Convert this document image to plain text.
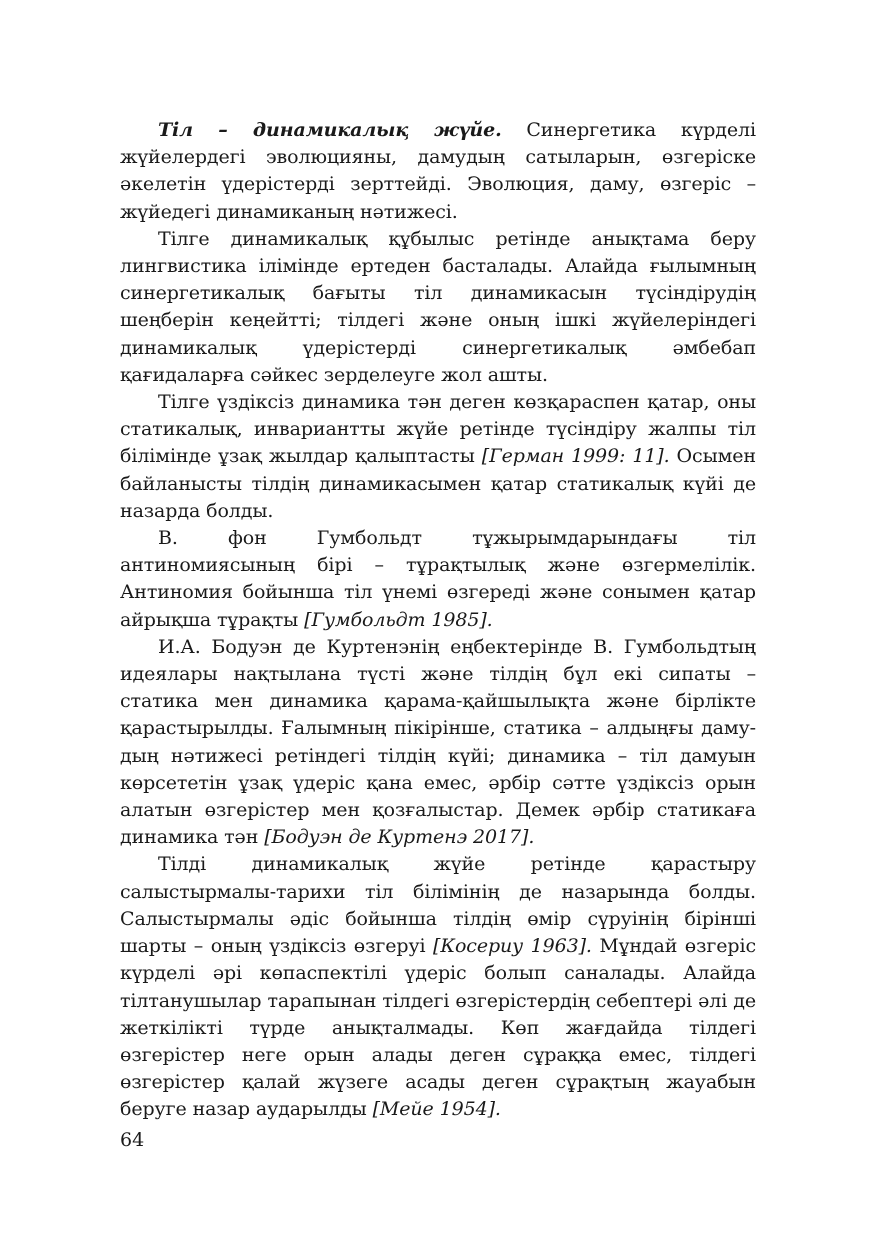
Тіл – динамикалық жүйе. Синергетика күрделі жүйелердегі эволюцияны, дамудың сатыларын, өзгеріске әкелетін үдерістерді зерттейді. Эволюция, даму, өзгеріс – жүйедегі динамиканың нәтижесі.

Тілге динамикалық құбылыс ретінде анықтама беру лингвистика ілімінде ертеден басталады. Алайда ғылымның синергетикалық бағыты тіл динамикасын түсіндірудің шеңберін кеңейтті; тілдегі және оның ішкі жүйелеріндегі динамикалық үдерістерді синергетикалық әмбебап қағидаларға сәйкес зерделеуге жол ашты.

Тілге үздіксіз динамика тән деген көзқараспен қатар, оны статикалық, инвариантты жүйе ретінде түсіндіру жалпы тіл білімінде ұзақ жылдар қалыптасты [Герман 1999: 11]. Осымен байланысты тілдің динамикасымен қатар статикалық күйі де назарда болды.

В. фон Гумбольдт тұжырымдарындағы тіл антиномиясының бірі – тұрақтылық және өзгермелілік. Антиномия бойынша тіл үнемі өзгереді және сонымен қатар айрықша тұрақты [Гумбольдт 1985].

И.А. Бодуэн де Куртенэнің еңбектерінде В. Гумбольдтың идеялары нақтылана түсті және тілдің бұл екі сипаты – статика мен динамика қарама-қайшылықта және бірлікте қарастырылды. Ғалымның пікірінше, статика – алдыңғы даму-дың нәтижесі ретіндегі тілдің күйі; динамика – тіл дамуын көрсететін ұзақ үдеріс қана емес, әрбір сәтте үздіксіз орын алатын өзгерістер мен қозғалыстар. Демек әрбір статикаға динамика тән [Бодуэн де Куртенэ 2017].

Тілді динамикалық жүйе ретінде қарастыру салыстырмалы-тарихи тіл білімінің де назарында болды. Салыстырмалы әдіс бойынша тілдің өмір сүруінің бірінші шарты – оның үздіксіз өзгеруі [Косериу 1963]. Мұндай өзгеріс күрделі әрі көпаспектілі үдеріс болып саналады. Алайда тілтанушылар тарапынан тілдегі өзгерістердің себептері әлі де жеткілікті түрде анықталмады. Көп жағдайда тілдегі өзгерістер неге орын алады деген сұраққа емес, тілдегі өзгерістер қалай жүзеге асады деген сұрақтың жауабын беруге назар аударылды [Мейе 1954].

64
